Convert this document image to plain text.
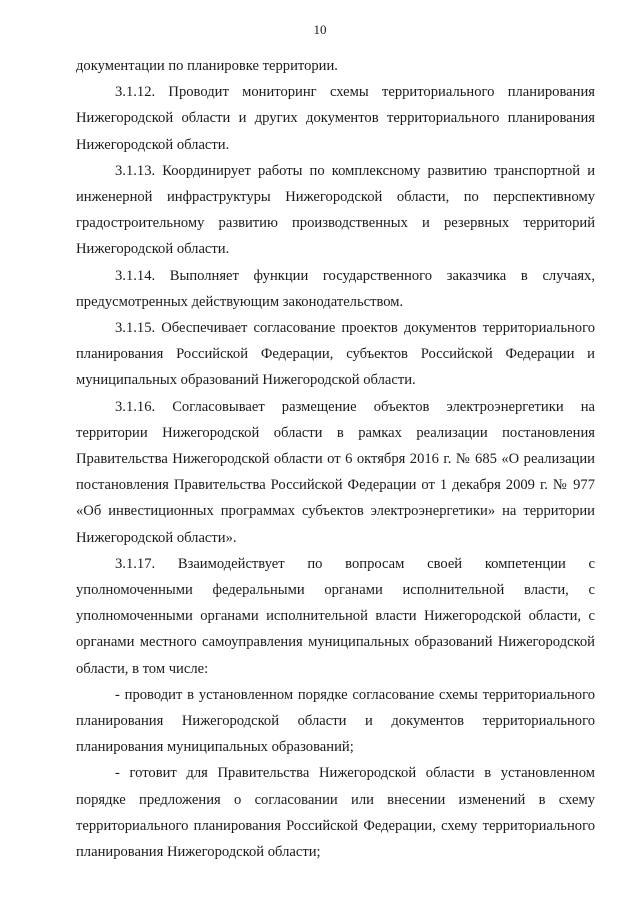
10

документации по планировке территории.

3.1.12. Проводит мониторинг схемы территориального планирования Нижегородской области и других документов территориального планирования Нижегородской области.

3.1.13. Координирует работы по комплексному развитию транспортной и инженерной инфраструктуры Нижегородской области, по перспективному градостроительному развитию производственных и резервных территорий Нижегородской области.

3.1.14. Выполняет функции государственного заказчика в случаях, предусмотренных действующим законодательством.

3.1.15. Обеспечивает согласование проектов документов территориального планирования Российской Федерации, субъектов Российской Федерации и муниципальных образований Нижегородской области.

3.1.16. Согласовывает размещение объектов электроэнергетики на территории Нижегородской области в рамках реализации постановления Правительства Нижегородской области от 6 октября 2016 г. № 685 «О реализации постановления Правительства Российской Федерации от 1 декабря 2009 г. № 977 «Об инвестиционных программах субъектов электроэнергетики» на территории Нижегородской области».

3.1.17. Взаимодействует по вопросам своей компетенции с уполномоченными федеральными органами исполнительной власти, с уполномоченными органами исполнительной власти Нижегородской области, с органами местного самоуправления муниципальных образований Нижегородской области, в том числе:

- проводит в установленном порядке согласование схемы территориального планирования Нижегородской области и документов территориального планирования муниципальных образований;

- готовит для Правительства Нижегородской области в установленном порядке предложения о согласовании или внесении изменений в схему территориального планирования Российской Федерации, схему территориального планирования Нижегородской области;
